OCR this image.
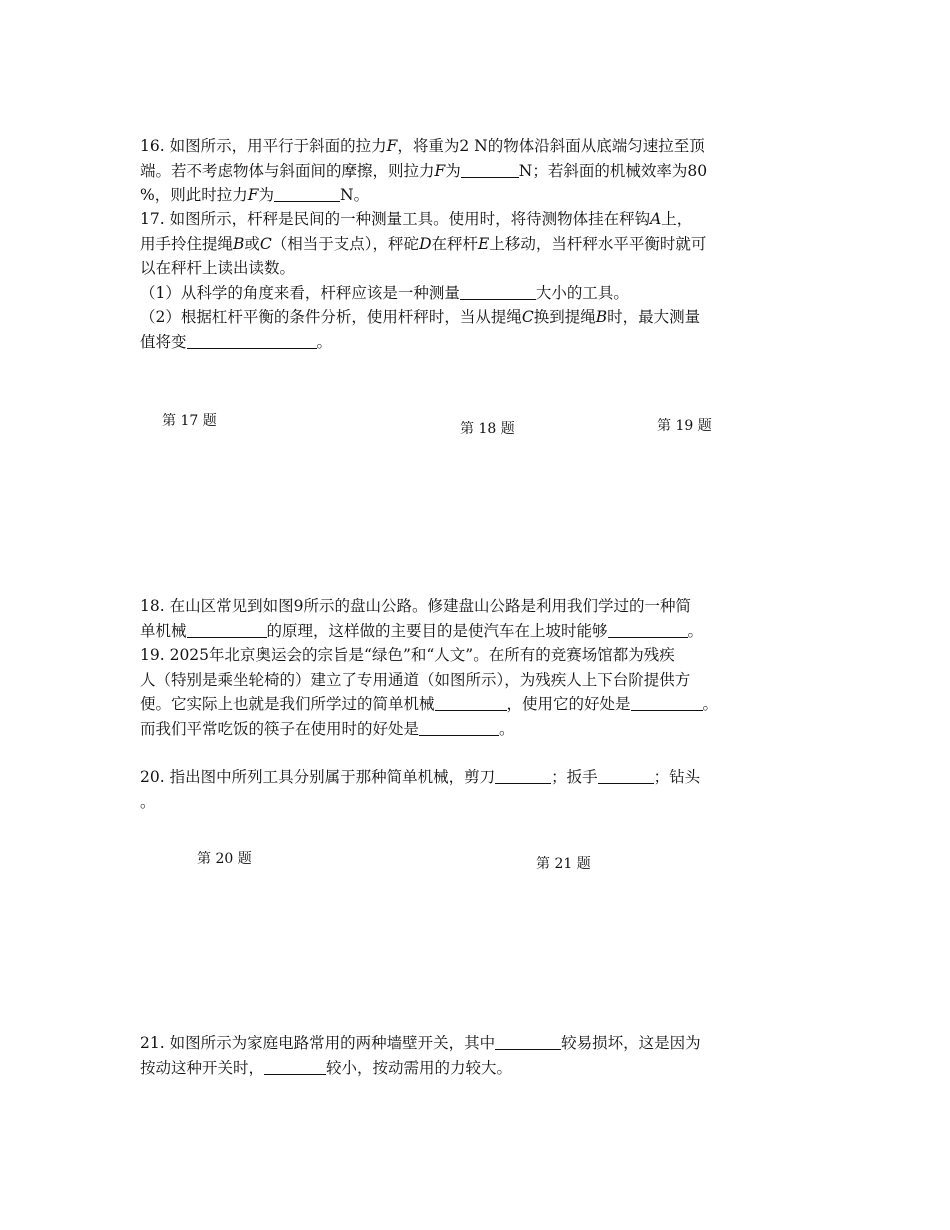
16. 如图所示，用平行于斜面的拉力F，将重为2 N的物体沿斜面从底端匀速拉至顶
端。若不考虑物体与斜面间的摩擦，则拉力F为	N；若斜面的机械效率为80
%，则此时拉力F为	N。
17. 如图所示，杆秤是民间的一种测量工具。使用时，将待测物体挂在秤钩A上，
用手拎住提绳B或C（相当于支点），秤砣D在秤杆E上移动，当杆秤水平平衡时就可
以在秤杆上读出读数。
（1）从科学的角度来看，杆秤应该是一种测量	大小的工具。
（2）根据杠杆平衡的条件分析，使用杆秤时，当从提绳C换到提绳B时，最大测量
值将变	。
第 17 题	第 18 题	第 19 题
18. 在山区常见到如图9所示的盘山公路。修建盘山公路是利用我们学过的一种简
单机械	的原理，这样做的主要目的是使汽车在上坡时能够	。
19. 2025年北京奥运会的宗旨是“绿色”和“人文”。在所有的竞赛场馆都为残疾
人（特别是乘坐轮椅的）建立了专用通道（如图所示），为残疾人上下台阶提供方
便。它实际上也就是我们所学过的简单机械	，使用它的好处是	。
而我们平常吃饭的筷子在使用时的好处是	。
20. 指出图中所列工具分别属于那种简单机械，剪刀	；扳手	；钻头
。
第 20 题	第 21 题
21. 如图所示为家庭电路常用的两种墙壁开关，其中	较易损坏，这是因为
按动这种开关时，	较小，按动需用的力较大。
